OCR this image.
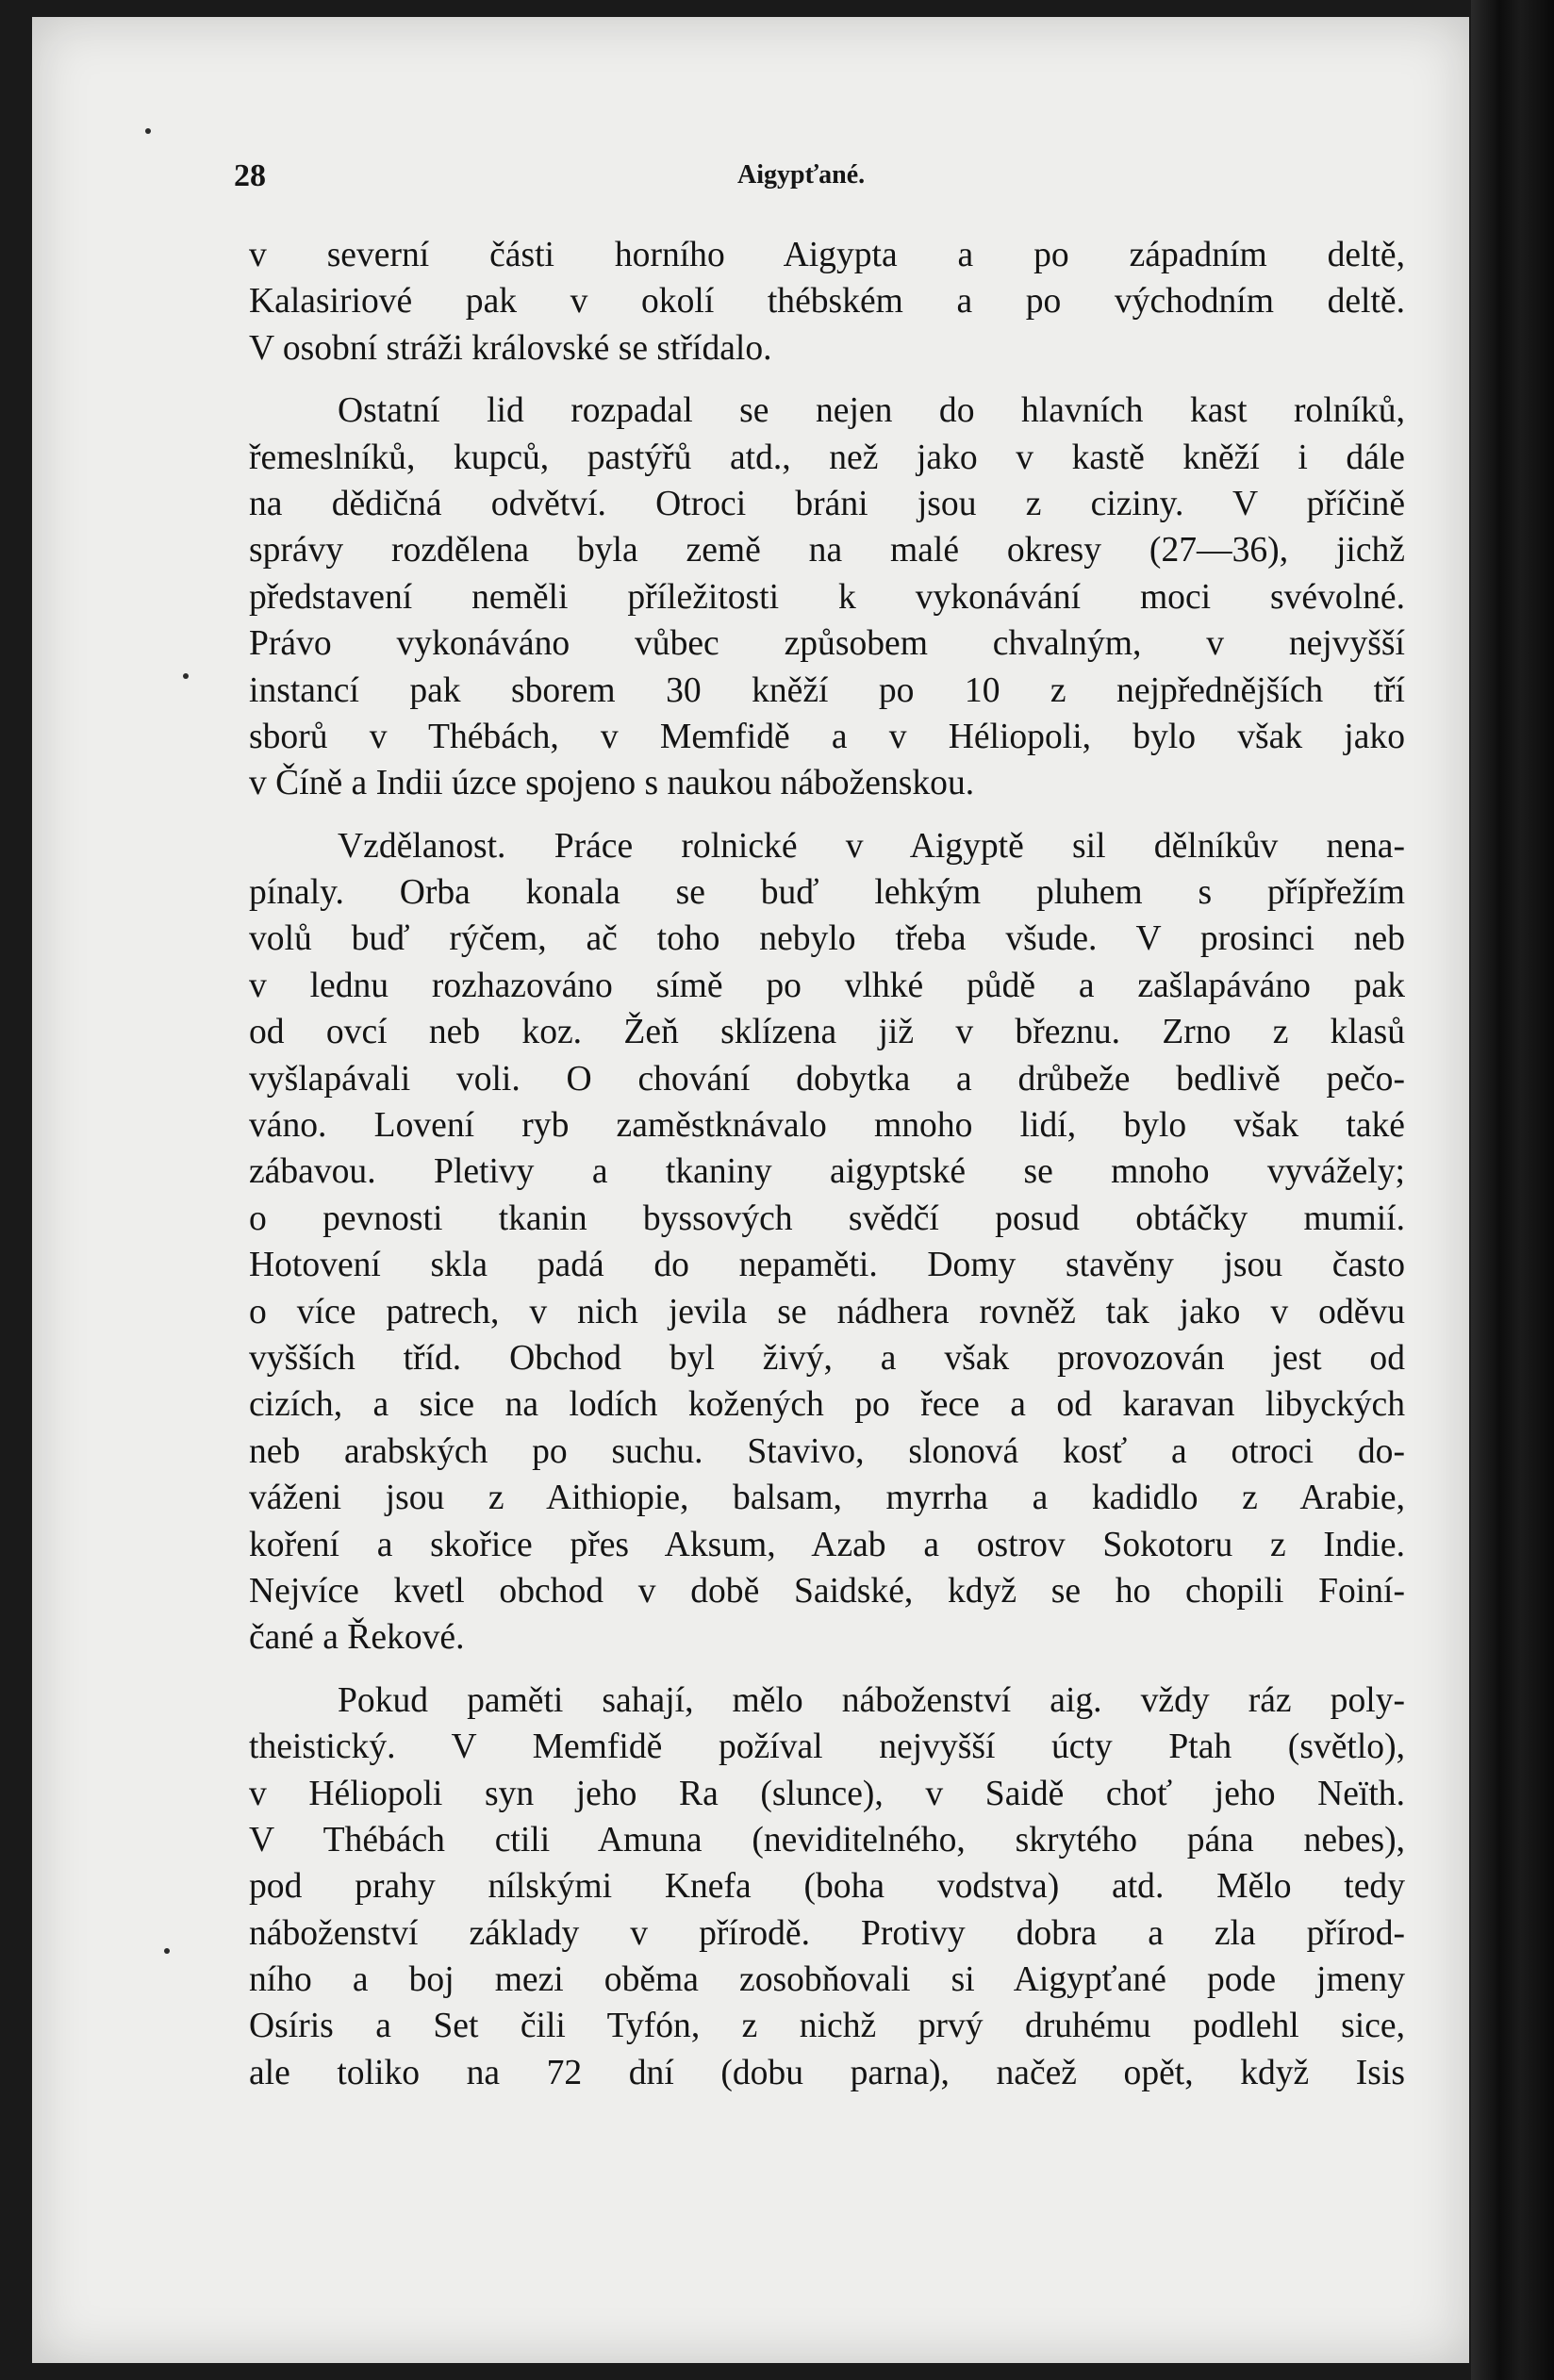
28	Aigypťané.
v severní části horního Aigypta a po západním deltě,
Kalasiriové pak v okolí thébském a po východním deltě.
V osobní stráži královské se střídalo.
Ostatní lid rozpadal se nejen do hlavních kast rolníků,
řemeslníků, kupců, pastýřů atd., než jako v kastě kněží i dále
na dědičná odvětví. Otroci bráni jsou z ciziny. V příčině
správy rozdělena byla země na malé okresy (27—36), jichž
představení neměli příležitosti k vykonávání moci svévolné.
Právo vykonáváno vůbec způsobem chvalným, v nejvyšší
instancí pak sborem 30 kněží po 10 z nejpřednějších tří
sborů v Thébách, v Memfidě a v Héliopoli, bylo však jako
v Číně a Indii úzce spojeno s naukou náboženskou.
Vzdělanost. Práce rolnické v Aigyptě sil dělníkův nena-
pínaly. Orba konala se buď lehkým pluhem s přípřežím
volů buď rýčem, ač toho nebylo třeba všude. V prosinci neb
v lednu rozhazováno símě po vlhké půdě a zašlapáváno pak
od ovcí neb koz. Žeň sklízena již v březnu. Zrno z klasů
vyšlapávali voli. O chování dobytka a drůbeže bedlivě pečo-
váno. Lovení ryb zaměstknávalo mnoho lidí, bylo však také
zábavou. Pletivy a tkaniny aigyptské se mnoho vyvážely;
o pevnosti tkanin byssových svědčí posud obtáčky mumií.
Hotovení skla padá do nepaměti. Domy stavěny jsou často
o více patrech, v nich jevila se nádhera rovněž tak jako v oděvu
vyšších tříd. Obchod byl živý, a však provozován jest od
cizích, a sice na lodích kožených po řece a od karavan libyckých
neb arabských po suchu. Stavivo, slonová kosť a otroci do-
váženi jsou z Aithiopie, balsam, myrrha a kadidlo z Arabie,
koření a skořice přes Aksum, Azab a ostrov Sokotoru z Indie.
Nejvíce kvetl obchod v době Saidské, když se ho chopili Foiní-
čané a Řekové.
Pokud paměti sahají, mělo náboženství aig. vždy ráz poly-
theistický. V Memfidě požíval nejvyšší úcty Ptah (světlo),
v Héliopoli syn jeho Ra (slunce), v Saidě choť jeho Neïth.
V Thébách ctili Amuna (neviditelného, skrytého pána nebes),
pod prahy nílskými Knefa (boha vodstva) atd. Mělo tedy
náboženství základy v přírodě. Protivy dobra a zla přírod-
ního a boj mezi oběma zosobňovali si Aigypťané pode jmeny
Osíris a Set čili Tyfón, z nichž prvý druhému podlehl sice,
ale toliko na 72 dní (dobu parna), načež opět, když Isis
